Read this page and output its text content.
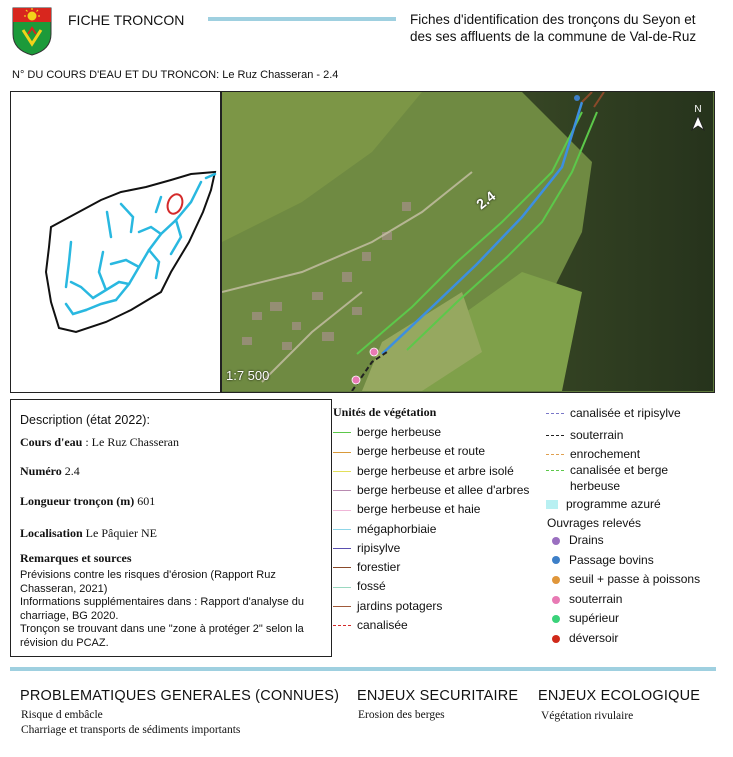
FICHE TRONCON	Fiches d'identification des tronçons du Seyon et
des ses affluents de la commune de Val-de-Ruz
N° DU COURS D'EAU ET DU TRONCON: Le Ruz Chasseran - 2.4
N
2.4
1:7 500
Description (état 2022):
Cours d'eau : Le Ruz Chasseran
Numéro 2.4
Longueur tronçon (m) 601
Localisation Le Pâquier NE
Remarques et sources
Prévisions contre les risques d'érosion (Rapport Ruz
Chasseran, 2021)
Informations supplémentaires dans : Rapport d'analyse du
charriage, BG 2020.
Tronçon se trouvant dans une "zone à protéger 2" selon la
révision du PCAZ.
Unités de végétation
berge herbeuse
berge herbeuse et route
berge herbeuse et arbre isolé
berge herbeuse et allee d'arbres
berge herbeuse et haie
mégaphorbiaie
ripisylve
forestier
fossé
jardins potagers
canalisée
canalisée et ripisylve
souterrain
enrochement
canalisée et berge
herbeuse
programme azuré
Ouvrages relevés
Drains
Passage bovins
seuil + passe à poissons
souterrain
supérieur
déversoir
PROBLEMATIQUES GENERALES (CONNUES)
Risque d embâcle
Charriage et transports de sédiments importants
ENJEUX SECURITAIRE
Erosion des berges
ENJEUX ECOLOGIQUE
Végétation rivulaire
